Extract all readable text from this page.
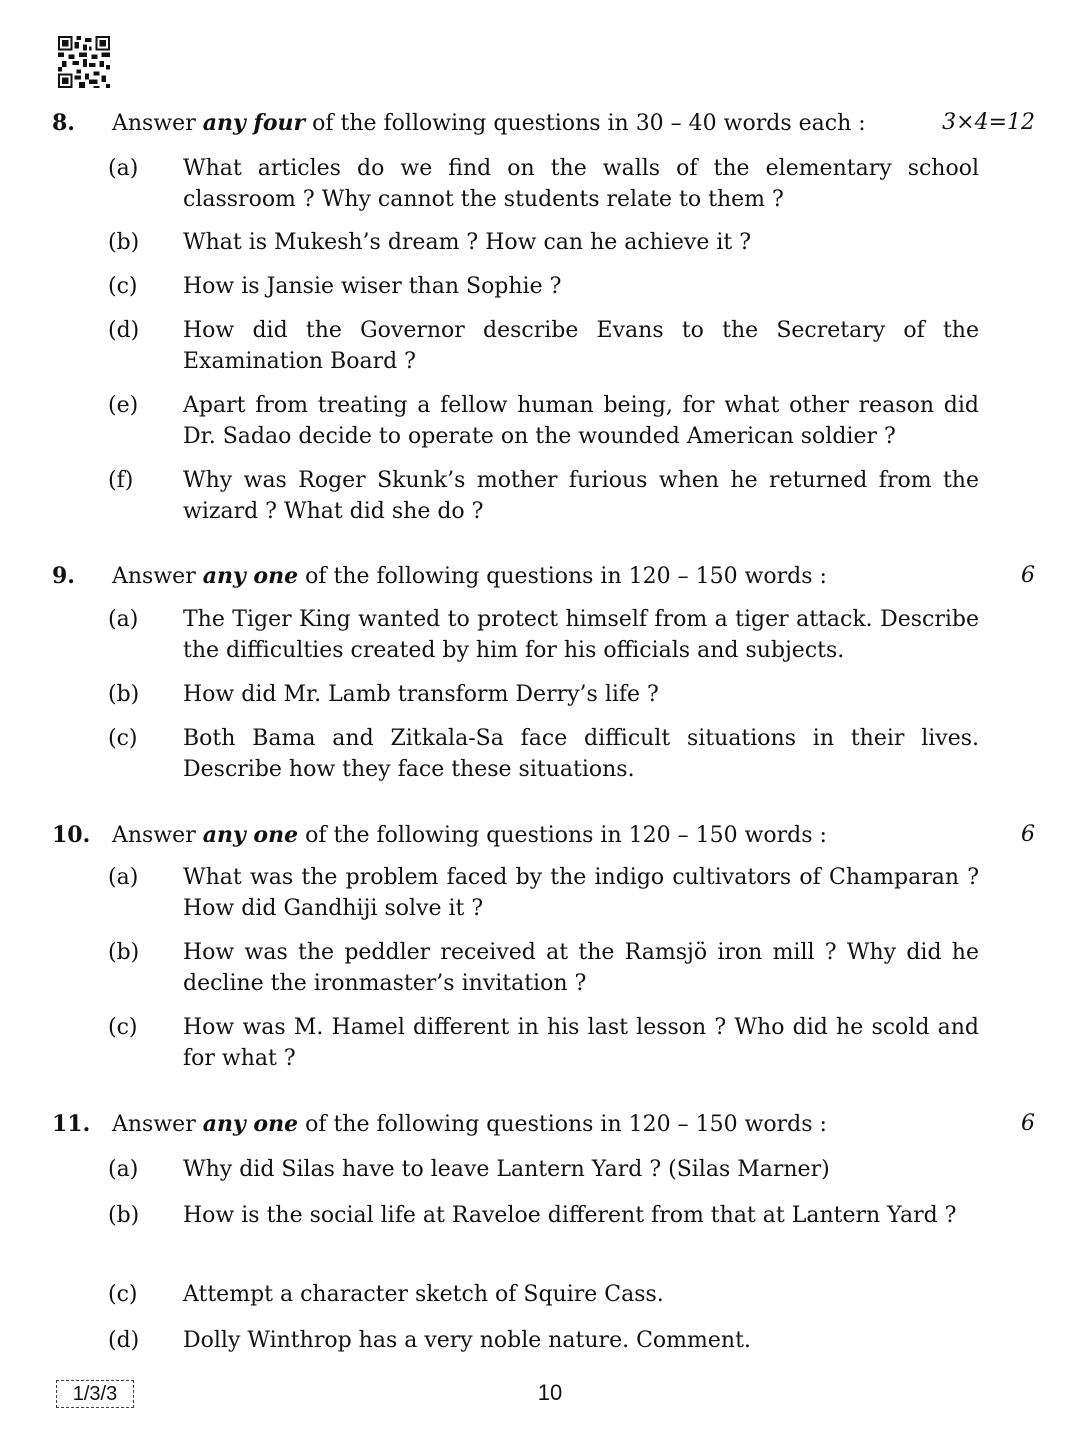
8. Answer any four of the following questions in 30 – 40 words each :	3×4=12
(a) What articles do we find on the walls of the elementary school classroom ? Why cannot the students relate to them ?
(b) What is Mukesh’s dream ? How can he achieve it ?
(c) How is Jansie wiser than Sophie ?
(d) How did the Governor describe Evans to the Secretary of the Examination Board ?
(e) Apart from treating a fellow human being, for what other reason did Dr. Sadao decide to operate on the wounded American soldier ?
(f) Why was Roger Skunk’s mother furious when he returned from the wizard ? What did she do ?
9. Answer any one of the following questions in 120 – 150 words :	6
(a) The Tiger King wanted to protect himself from a tiger attack. Describe the difficulties created by him for his officials and subjects.
(b) How did Mr. Lamb transform Derry’s life ?
(c) Both Bama and Zitkala-Sa face difficult situations in their lives. Describe how they face these situations.
10. Answer any one of the following questions in 120 – 150 words :	6
(a) What was the problem faced by the indigo cultivators of Champaran ? How did Gandhiji solve it ?
(b) How was the peddler received at the Ramsjö iron mill ? Why did he decline the ironmaster’s invitation ?
(c) How was M. Hamel different in his last lesson ? Who did he scold and for what ?
11. Answer any one of the following questions in 120 – 150 words :	6
(a) Why did Silas have to leave Lantern Yard ? (Silas Marner)
(b) How is the social life at Raveloe different from that at Lantern Yard ?
(c) Attempt a character sketch of Squire Cass.
(d) Dolly Winthrop has a very noble nature. Comment.
1/3/3	10
